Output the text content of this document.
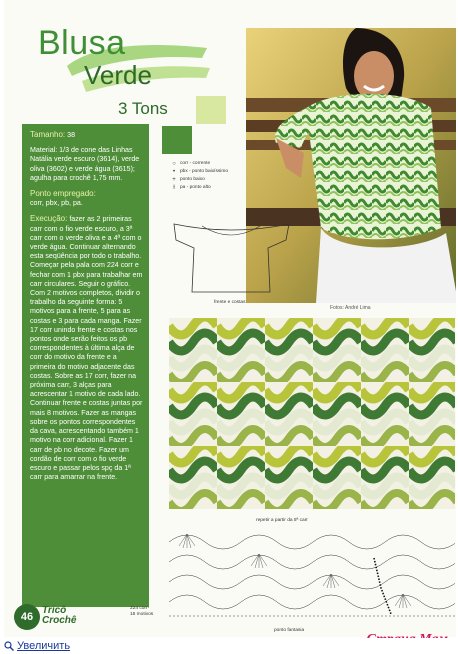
Blusa
Verde
3 Tons
Fotos: André Lima

Tamanho: 38

Material: 1/3 de cone das Linhas Natália verde escuro (3614), verde oliva (3602) e verde água (3615); agulha para crochê 1,75 mm.

Ponto empregado:
corr, pbx, pb, pa.

Execução: fazer as 2 primeiras carr com o fio verde escuro, a 3ª carr com o verde oliva e a 4ª com o verde água. Continuar alternando esta seqüência por todo o trabalho. Começar pela pala com 224 corr e fechar com 1 pbx para trabalhar em carr circulares. Seguir o gráfico. Com 2 motivos completos, dividir o trabalho da seguinte forma: 5 motivos para a frente, 5 para as costas e 3 para cada manga. Fazer 17 corr unindo frente e costas nos pontos onde serão feitos os pb correspondentes à última alça de corr do motivo da frente e a primeira do motivo adjacente das costas. Sobre as 17 corr, fazer na próxima carr, 3 alças para acrescentar 1 motivo de cada lado. Continuar frente e costas juntas por mais 8 motivos. Fazer as mangas sobre os pontos correspondentes da cava, acrescentando também 1 motivo na corr adicional. Fazer 1 carr de pb no decote. Fazer um cordão de corr com o fio verde escuro e passar pelos spç da 1ª carr para amarrar na frente.

○ corr - corrente
•	pbx - ponto baixíssimo
+ ponto baixo
ƚ	pa - ponto alto
frente e costas
repetir a partir da 5ª carr
224 corr-
16 motivos
ponto fantasia
46
Tricô
Crochê
Увеличить
